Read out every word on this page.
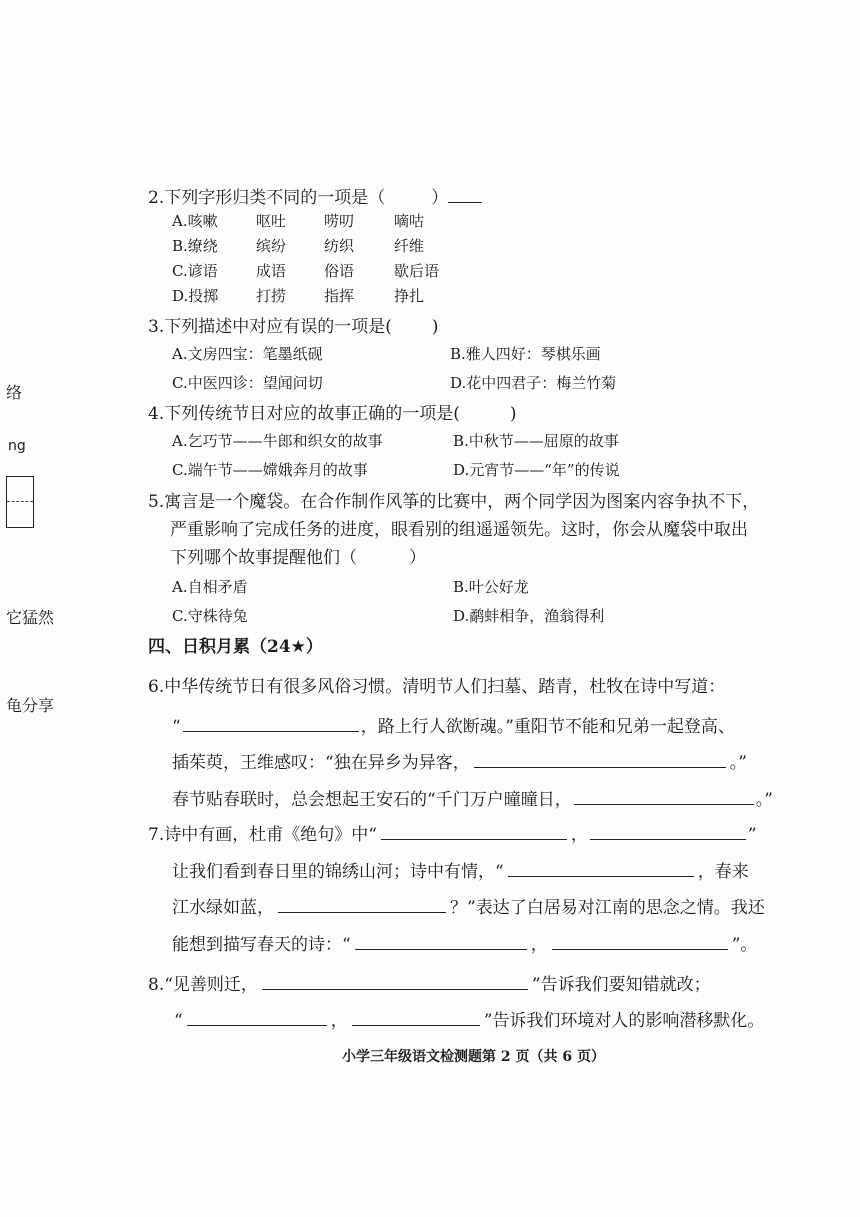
络
ng
它猛然
龟分享
2.下列字形归类不同的一项是（	）
A.咳嗽	呕吐	唠叨	嘀咕
B.缭绕	缤纷	纺织	纤维
C.谚语	成语	俗语	歇后语
D.投掷	打捞	指挥	挣扎
3.下列描述中对应有误的一项是( )
A.文房四宝：笔墨纸砚	B.雅人四好：琴棋乐画
C.中医四诊：望闻问切	D.花中四君子：梅兰竹菊
4.下列传统节日对应的故事正确的一项是(	)
A.乞巧节——牛郎和织女的故事	B.中秋节——屈原的故事
C.端午节——嫦娥奔月的故事	D.元宵节——“年”的传说
5.寓言是一个魔袋。在合作制作风筝的比赛中，两个同学因为图案内容争执不下，
严重影响了完成任务的进度，眼看别的组遥遥领先。这时，你会从魔袋中取出
下列哪个故事提醒他们（	）
A.自相矛盾	B.叶公好龙
C.守株待兔	D.鹬蚌相争，渔翁得利
四、日积月累（24★）
6.中华传统节日有很多风俗习惯。清明节人们扫墓、踏青，杜牧在诗中写道：
“	，路上行人欲断魂。”重阳节不能和兄弟一起登高、
插茱萸，王维感叹：“独在异乡为异客，	。”
春节贴春联时，总会想起王安石的“千门万户曈曈日，	。”
7.诗中有画，杜甫《绝句》中“	，	”
让我们看到春日里的锦绣山河；诗中有情，“	，春来
江水绿如蓝，	？”表达了白居易对江南的思念之情。我还
能想到描写春天的诗：“	，	”。
8.“见善则迁，	”告诉我们要知错就改；
“	，	”告诉我们环境对人的影响潜移默化。
小学三年级语文检测题第 2 页（共 6 页）
